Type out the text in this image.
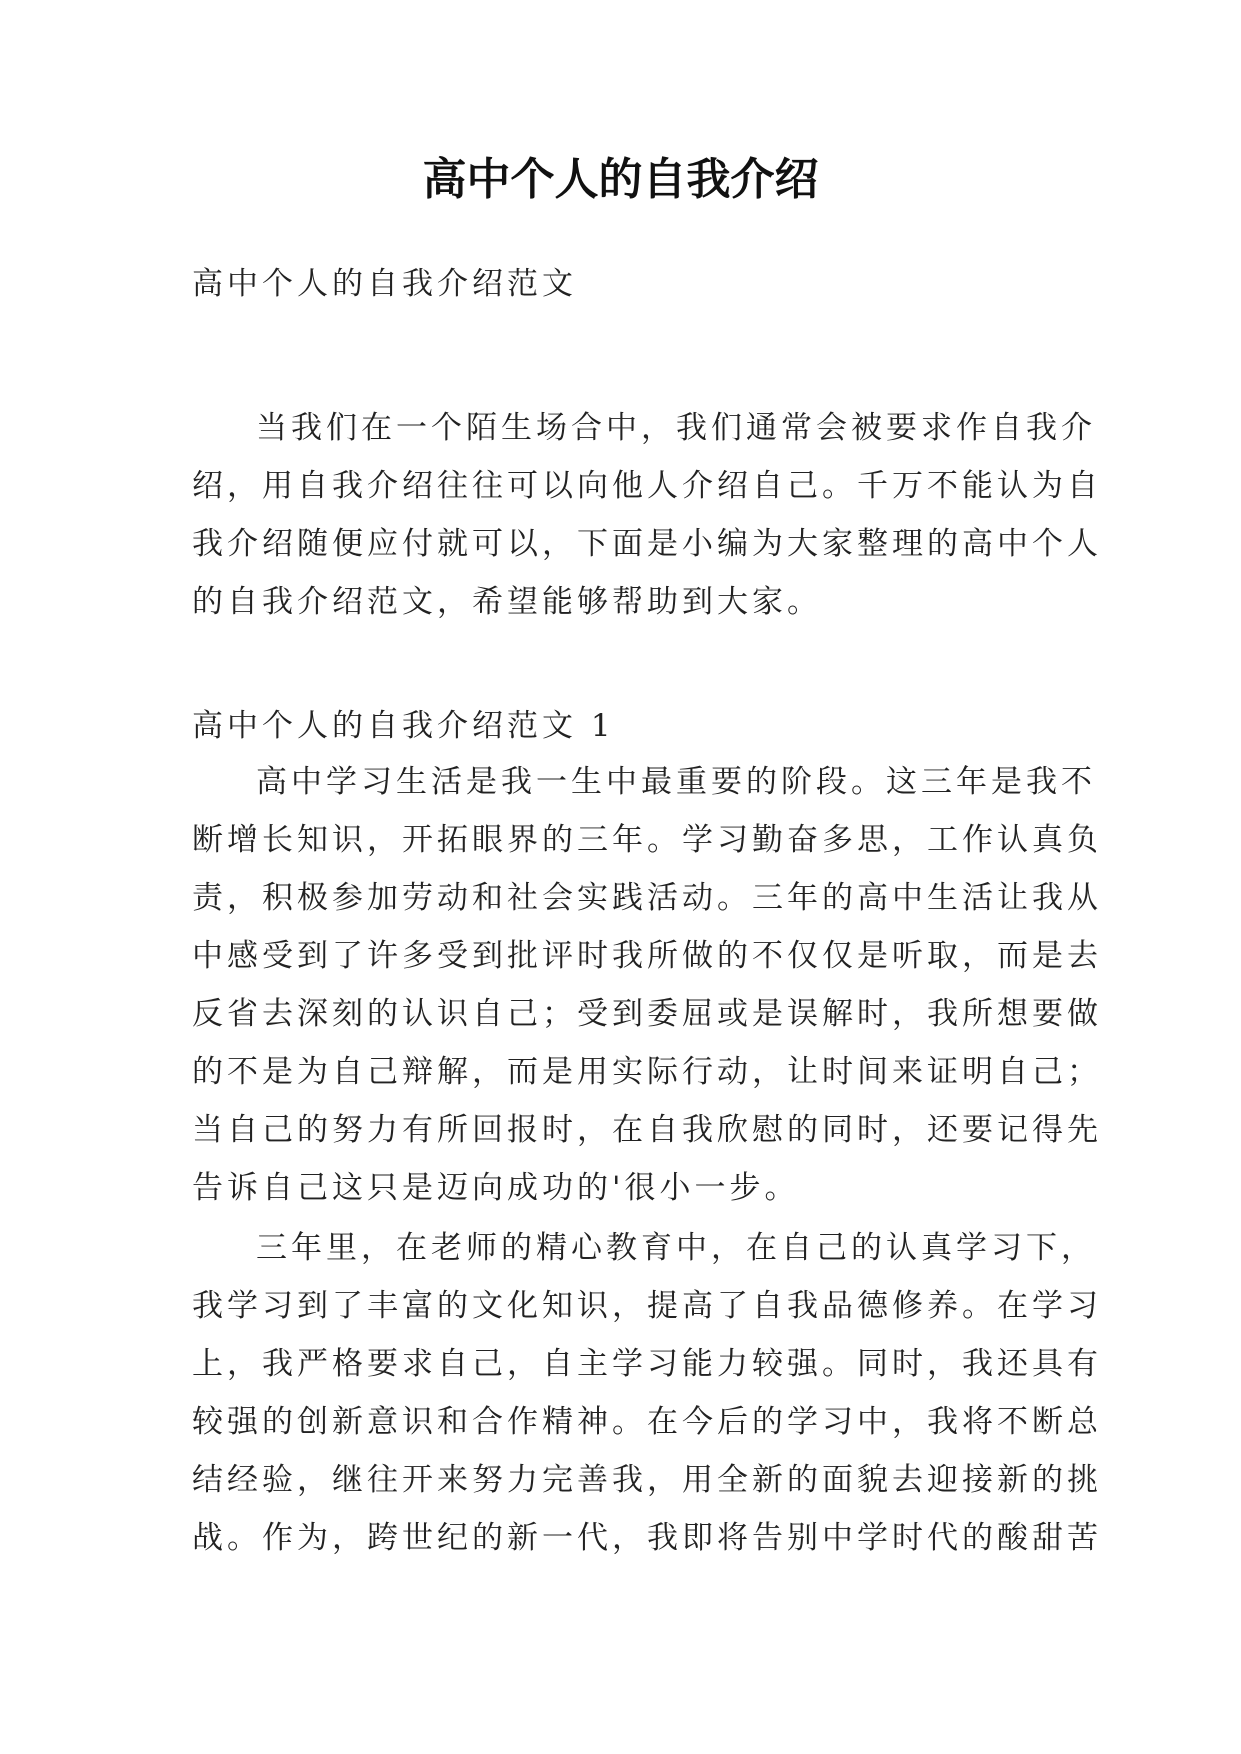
高中个人的自我介绍
高中个人的自我介绍范文
当我们在一个陌生场合中，我们通常会被要求作自我介
绍，用自我介绍往往可以向他人介绍自己。千万不能认为自
我介绍随便应付就可以，下面是小编为大家整理的高中个人
的自我介绍范文，希望能够帮助到大家。
高中个人的自我介绍范文 1
高中学习生活是我一生中最重要的阶段。这三年是我不
断增长知识，开拓眼界的三年。学习勤奋多思，工作认真负
责，积极参加劳动和社会实践活动。三年的高中生活让我从
中感受到了许多受到批评时我所做的不仅仅是听取，而是去
反省去深刻的认识自己；受到委屈或是误解时，我所想要做
的不是为自己辩解，而是用实际行动，让时间来证明自己；
当自己的努力有所回报时，在自我欣慰的同时，还要记得先
告诉自己这只是迈向成功的'很小一步。
三年里，在老师的精心教育中，在自己的认真学习下，
我学习到了丰富的文化知识，提高了自我品德修养。在学习
上，我严格要求自己，自主学习能力较强。同时，我还具有
较强的创新意识和合作精神。在今后的学习中，我将不断总
结经验，继往开来努力完善我，用全新的面貌去迎接新的挑
战。作为，跨世纪的新一代，我即将告别中学时代的酸甜苦
